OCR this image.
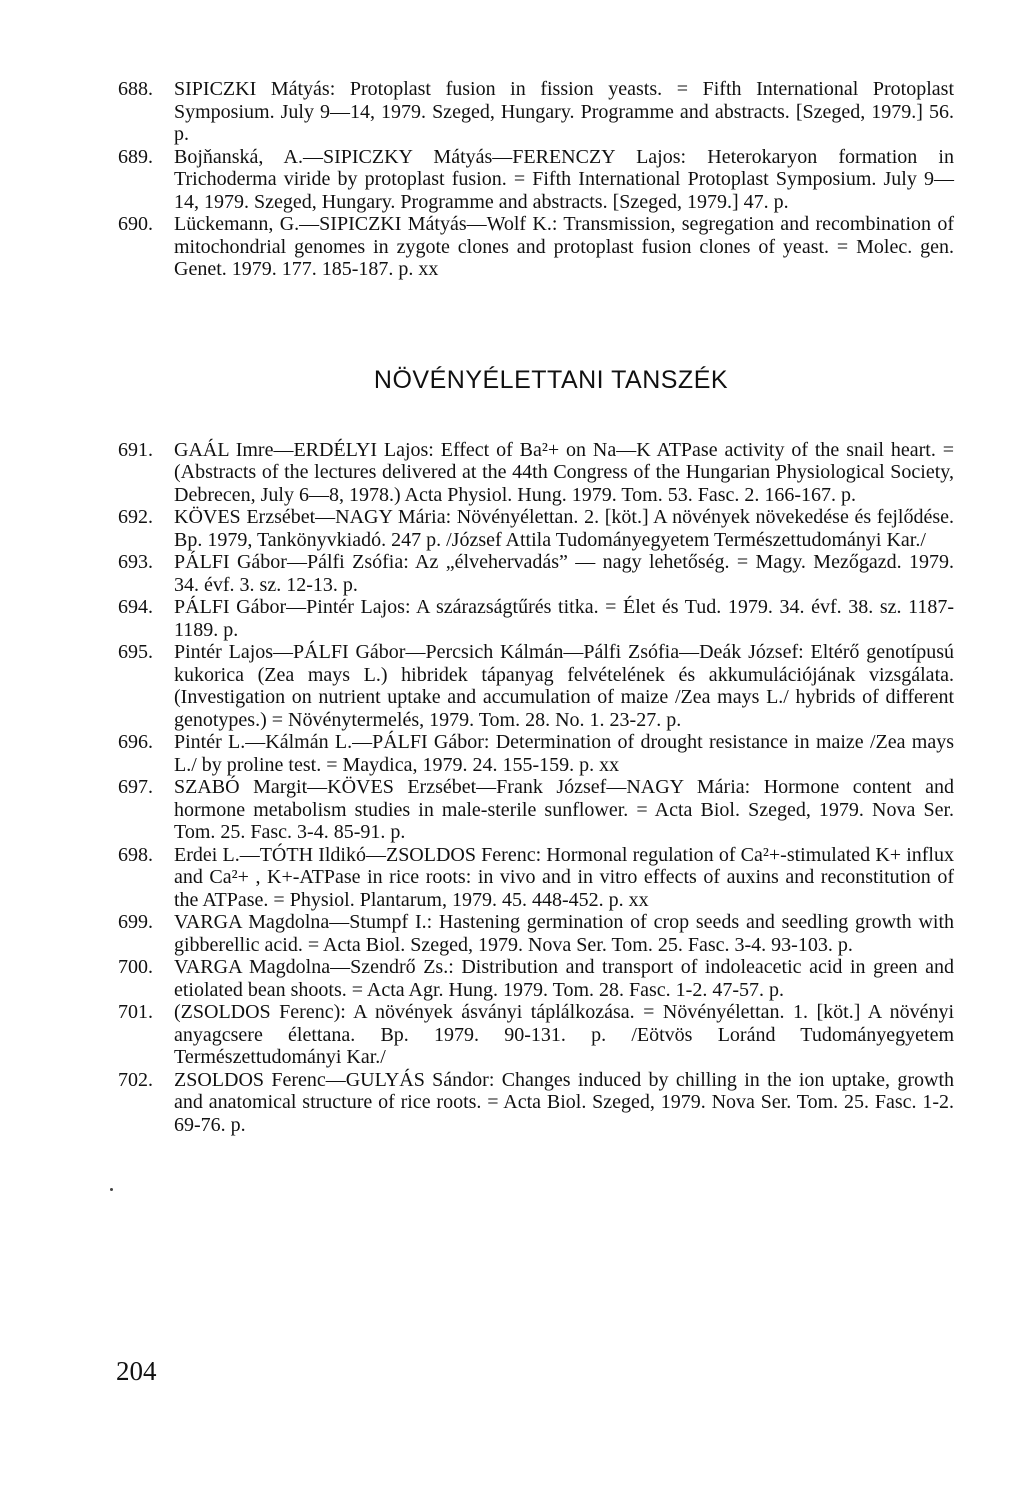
688. SIPICZKI Mátyás: Protoplast fusion in fission yeasts. = Fifth International Protoplast Symposium. July 9—14, 1979. Szeged, Hungary. Programme and abstracts. [Szeged, 1979.] 56. p.

689. Bojňanská, A.—SIPICZKY Mátyás—FERENCZY Lajos: Heterokaryon formation in Trichoderma viride by protoplast fusion. = Fifth International Protoplast Symposium. July 9—14, 1979. Szeged, Hungary. Programme and abstracts. [Szeged, 1979.] 47. p.

690. Lückemann, G.—SIPICZKI Mátyás—Wolf K.: Transmission, segregation and recombination of mitochondrial genomes in zygote clones and protoplast fusion clones of yeast. = Molec. gen. Genet. 1979. 177. 185-187. p. xx

NÖVÉNYÉLETTANI TANSZÉK

691. GAÁL Imre—ERDÉLYI Lajos: Effect of Ba²+ on Na—K ATPase activity of the snail heart. = (Abstracts of the lectures delivered at the 44th Congress of the Hungarian Physiological Society, Debrecen, July 6—8, 1978.) Acta Physiol. Hung. 1979. Tom. 53. Fasc. 2. 166-167. p.

692. KÖVES Erzsébet—NAGY Mária: Növényélettan. 2. [köt.] A növények növekedése és fejlődése. Bp. 1979, Tankönyvkiadó. 247 p. /József Attila Tudományegyetem Természettudományi Kar./

693. PÁLFI Gábor—Pálfi Zsófia: Az „élvehervadás” — nagy lehetőség. = Magy. Mezőgazd. 1979. 34. évf. 3. sz. 12-13. p.

694. PÁLFI Gábor—Pintér Lajos: A szárazságtűrés titka. = Élet és Tud. 1979. 34. évf. 38. sz. 1187-1189. p.

695. Pintér Lajos—PÁLFI Gábor—Percsich Kálmán—Pálfi Zsófia—Deák József: Eltérő genotípusú kukorica (Zea mays L.) hibridek tápanyag felvételének és akkumulációjának vizsgálata. (Investigation on nutrient uptake and accumulation of maize /Zea mays L./ hybrids of different genotypes.) = Növénytermelés, 1979. Tom. 28. No. 1. 23-27. p.

696. Pintér L.—Kálmán L.—PÁLFI Gábor: Determination of drought resistance in maize /Zea mays L./ by proline test. = Maydica, 1979. 24. 155-159. p. xx

697. SZABÓ Margit—KÖVES Erzsébet—Frank József—NAGY Mária: Hormone content and hormone metabolism studies in male-sterile sunflower. = Acta Biol. Szeged, 1979. Nova Ser. Tom. 25. Fasc. 3-4. 85-91. p.

698. Erdei L.—TÓTH Ildikó—ZSOLDOS Ferenc: Hormonal regulation of Ca²+-stimulated K+ influx and Ca²+ , K+-ATPase in rice roots: in vivo and in vitro effects of auxins and reconstitution of the ATPase. = Physiol. Plantarum, 1979. 45. 448-452. p. xx

699. VARGA Magdolna—Stumpf I.: Hastening germination of crop seeds and seedling growth with gibberellic acid. = Acta Biol. Szeged, 1979. Nova Ser. Tom. 25. Fasc. 3-4. 93-103. p.

700. VARGA Magdolna—Szendrő Zs.: Distribution and transport of indoleacetic acid in green and etiolated bean shoots. = Acta Agr. Hung. 1979. Tom. 28. Fasc. 1-2. 47-57. p.

701. (ZSOLDOS Ferenc): A növények ásványi táplálkozása. = Növényélettan. 1. [köt.] A növényi anyagcsere élettana. Bp. 1979. 90-131. p. /Eötvös Loránd Tudományegyetem Természettudományi Kar./

702. ZSOLDOS Ferenc—GULYÁS Sándor: Changes induced by chilling in the ion uptake, growth and anatomical structure of rice roots. = Acta Biol. Szeged, 1979. Nova Ser. Tom. 25. Fasc. 1-2. 69-76. p.

204
